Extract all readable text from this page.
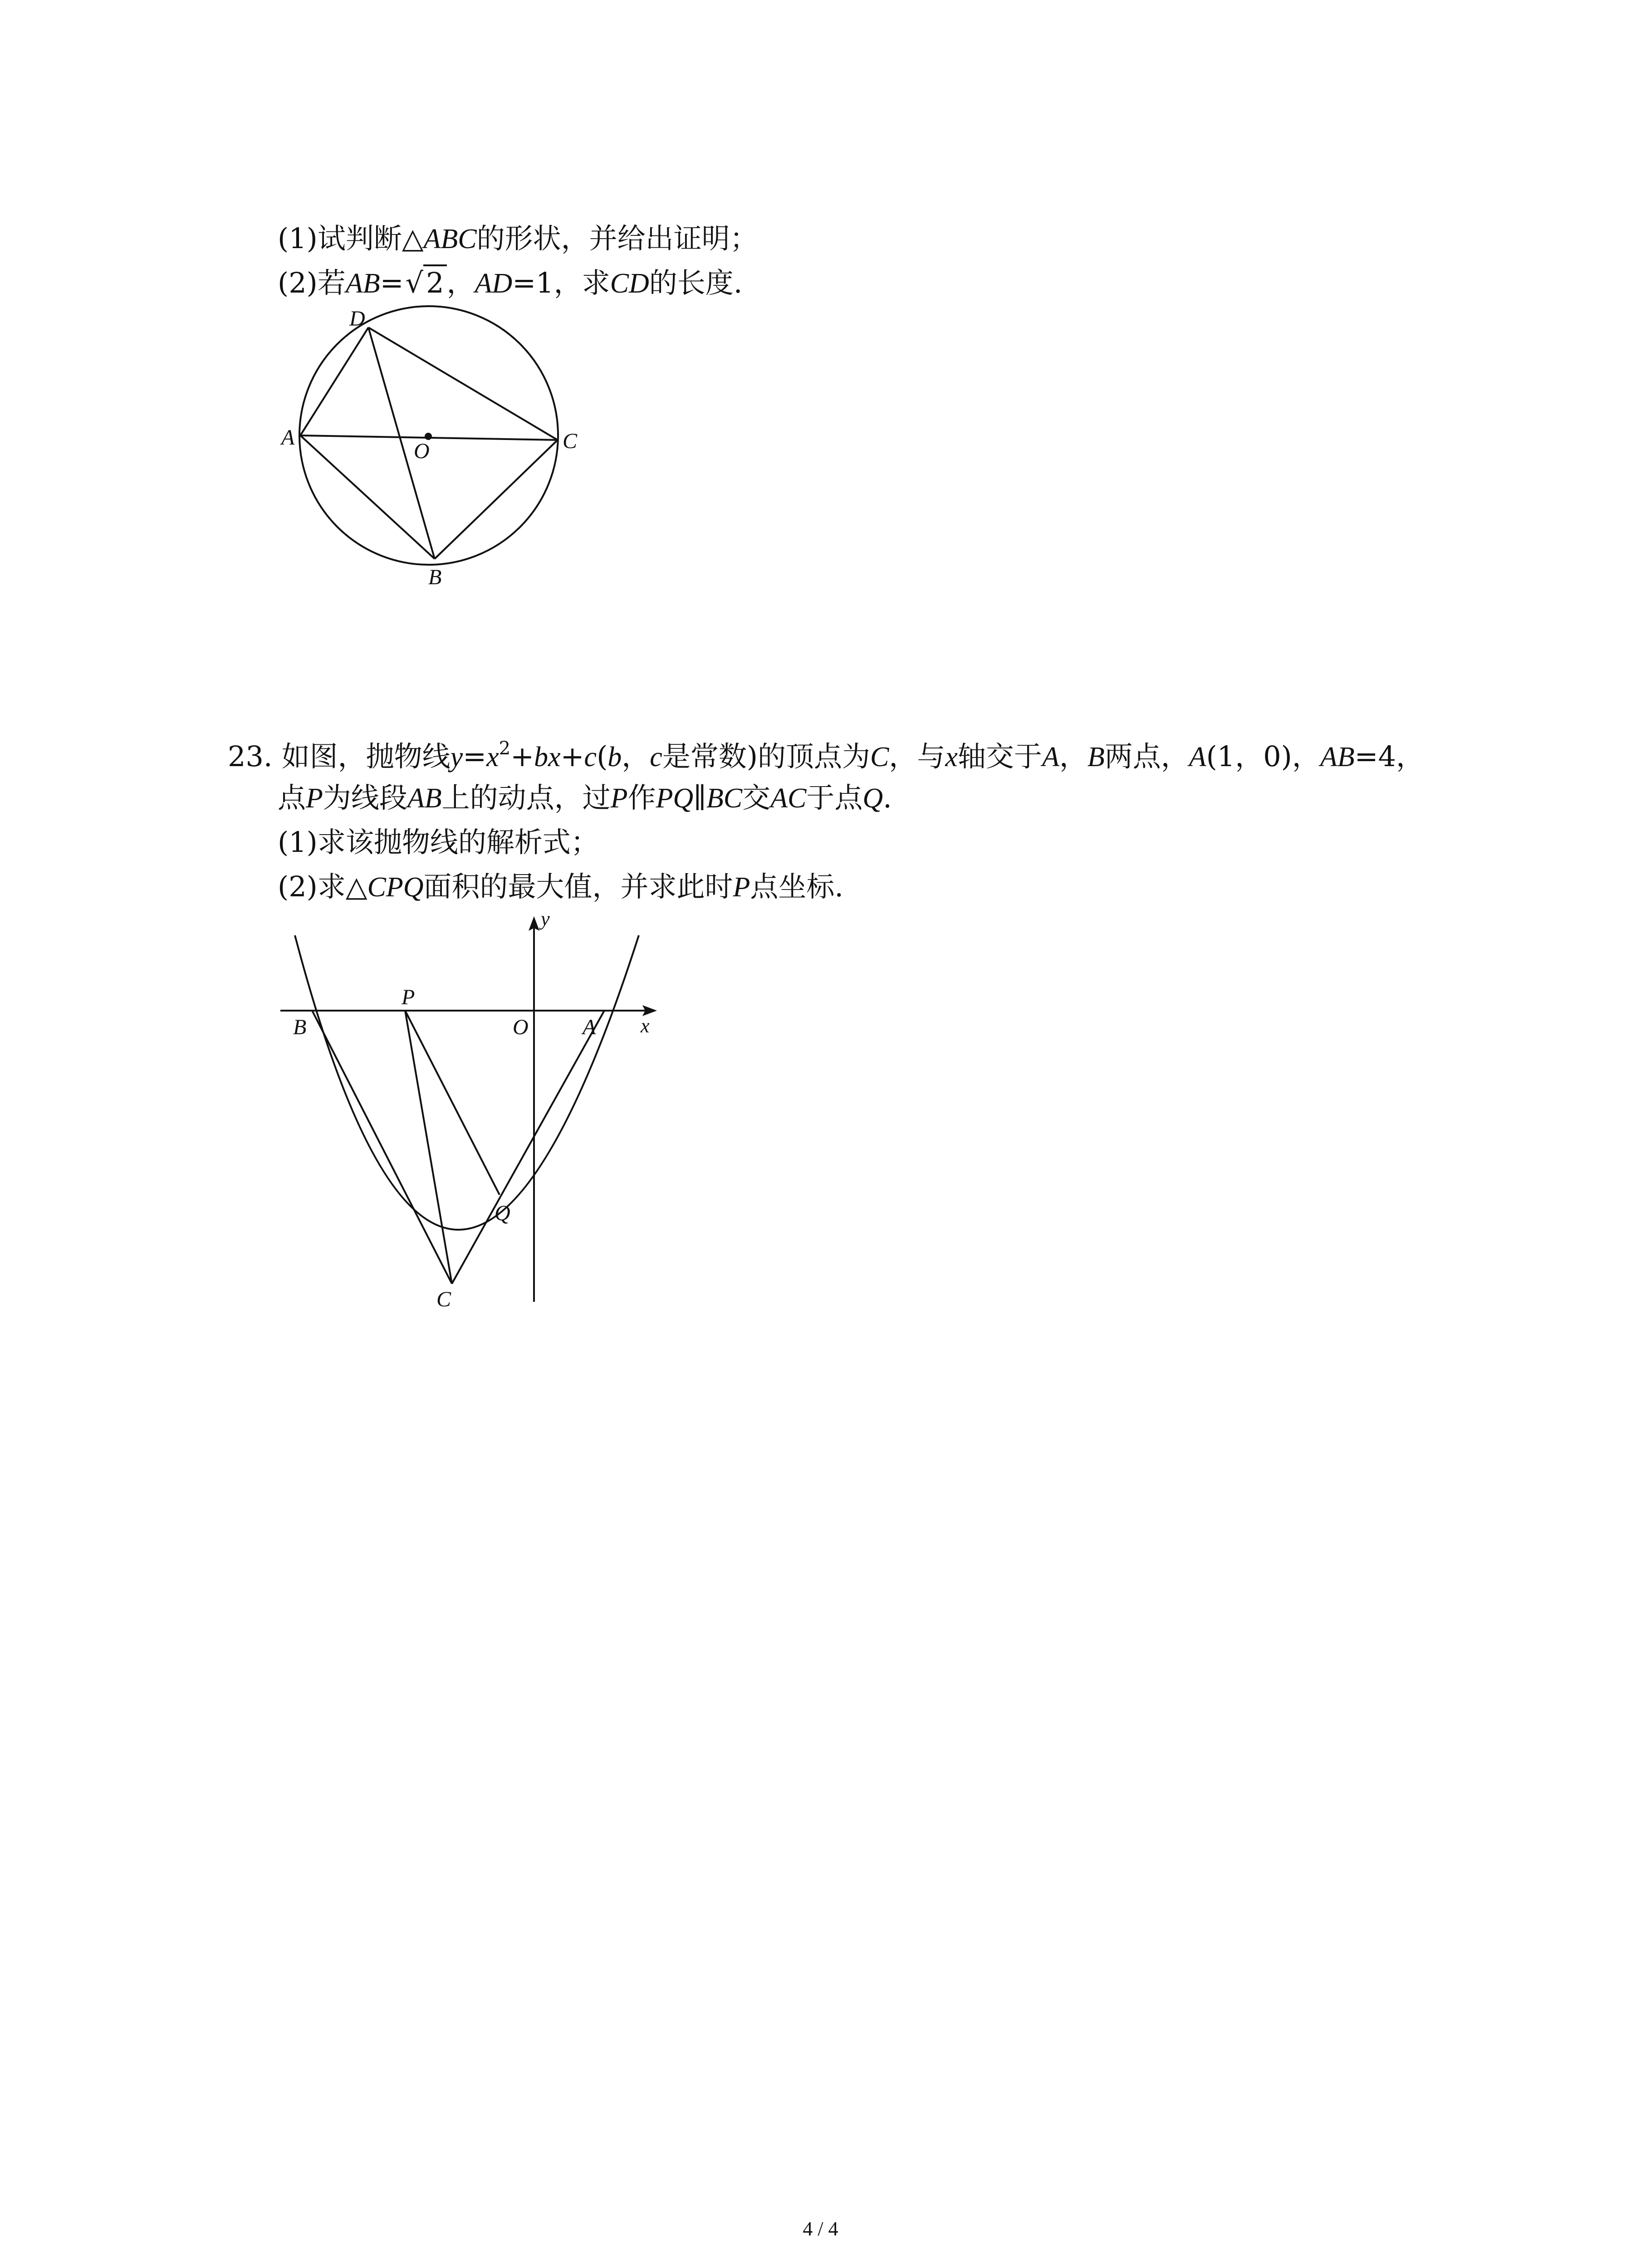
(1)试判断△ABC的形状，并给出证明；
(2)若AB=√2，AD=1，求CD的长度.
D
A
O	C
B
23. 如图，抛物线$y=x^2+bx+c(b$，c是常数)的顶点为C，与x轴交于A，B两点，A(1，0)，AB=4，
点P为线段AB上的动点，过P作PQ∥BC交AC于点Q.
(1)求该抛物线的解析式；
(2)求△CPQ面积的最大值，并求此时P点坐标.
y
x
B
P
O A
Q
C
4 / 4
